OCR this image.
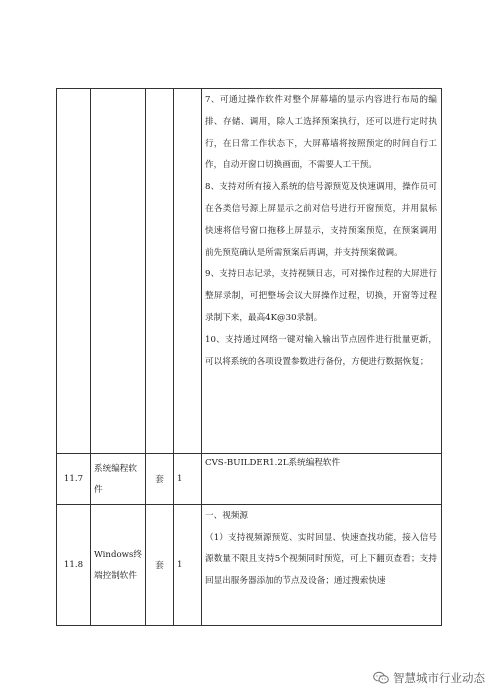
				7、可通过操作软件对整个屏幕墙的显示内容进行布局的编排、存储、调用，除人工选择预案执行，还可以进行定时执行，在日常工作状态下，大屏幕墙将按照预定的时间自行工作，自动开窗口切换画面，不需要人工干预。

8、支持对所有接入系统的信号源预览及快速调用，操作员可在各类信号源上屏显示之前对信号进行开窗预览，并用鼠标快速将信号窗口拖移上屏显示，支持预案预览，在预案调用前先预览确认是所需预案后再调，并支持预案微调。

9、支持日志记录，支持视频日志，可对操作过程的大屏进行整屏录制，可把整场会议大屏操作过程，切换，开窗等过程录制下来，最高4K@30录制。

10、支持通过网络一键对输入输出节点固件进行批量更新，可以将系统的各项设置参数进行备份，方便进行数据恢复；

11.7	系统编程软件	套	1	CVS-BUILDER1.2L系统编程软件

11.8	Windows终端控制软件	套	1	一、视频源

（1）支持视频源预览、实时回显、快速查找功能，接入信号源数量不限且支持5个视频同时预览，可上下翻页查看；支持回显出服务器添加的节点及设备；通过搜索快速

智慧城市行业动态
